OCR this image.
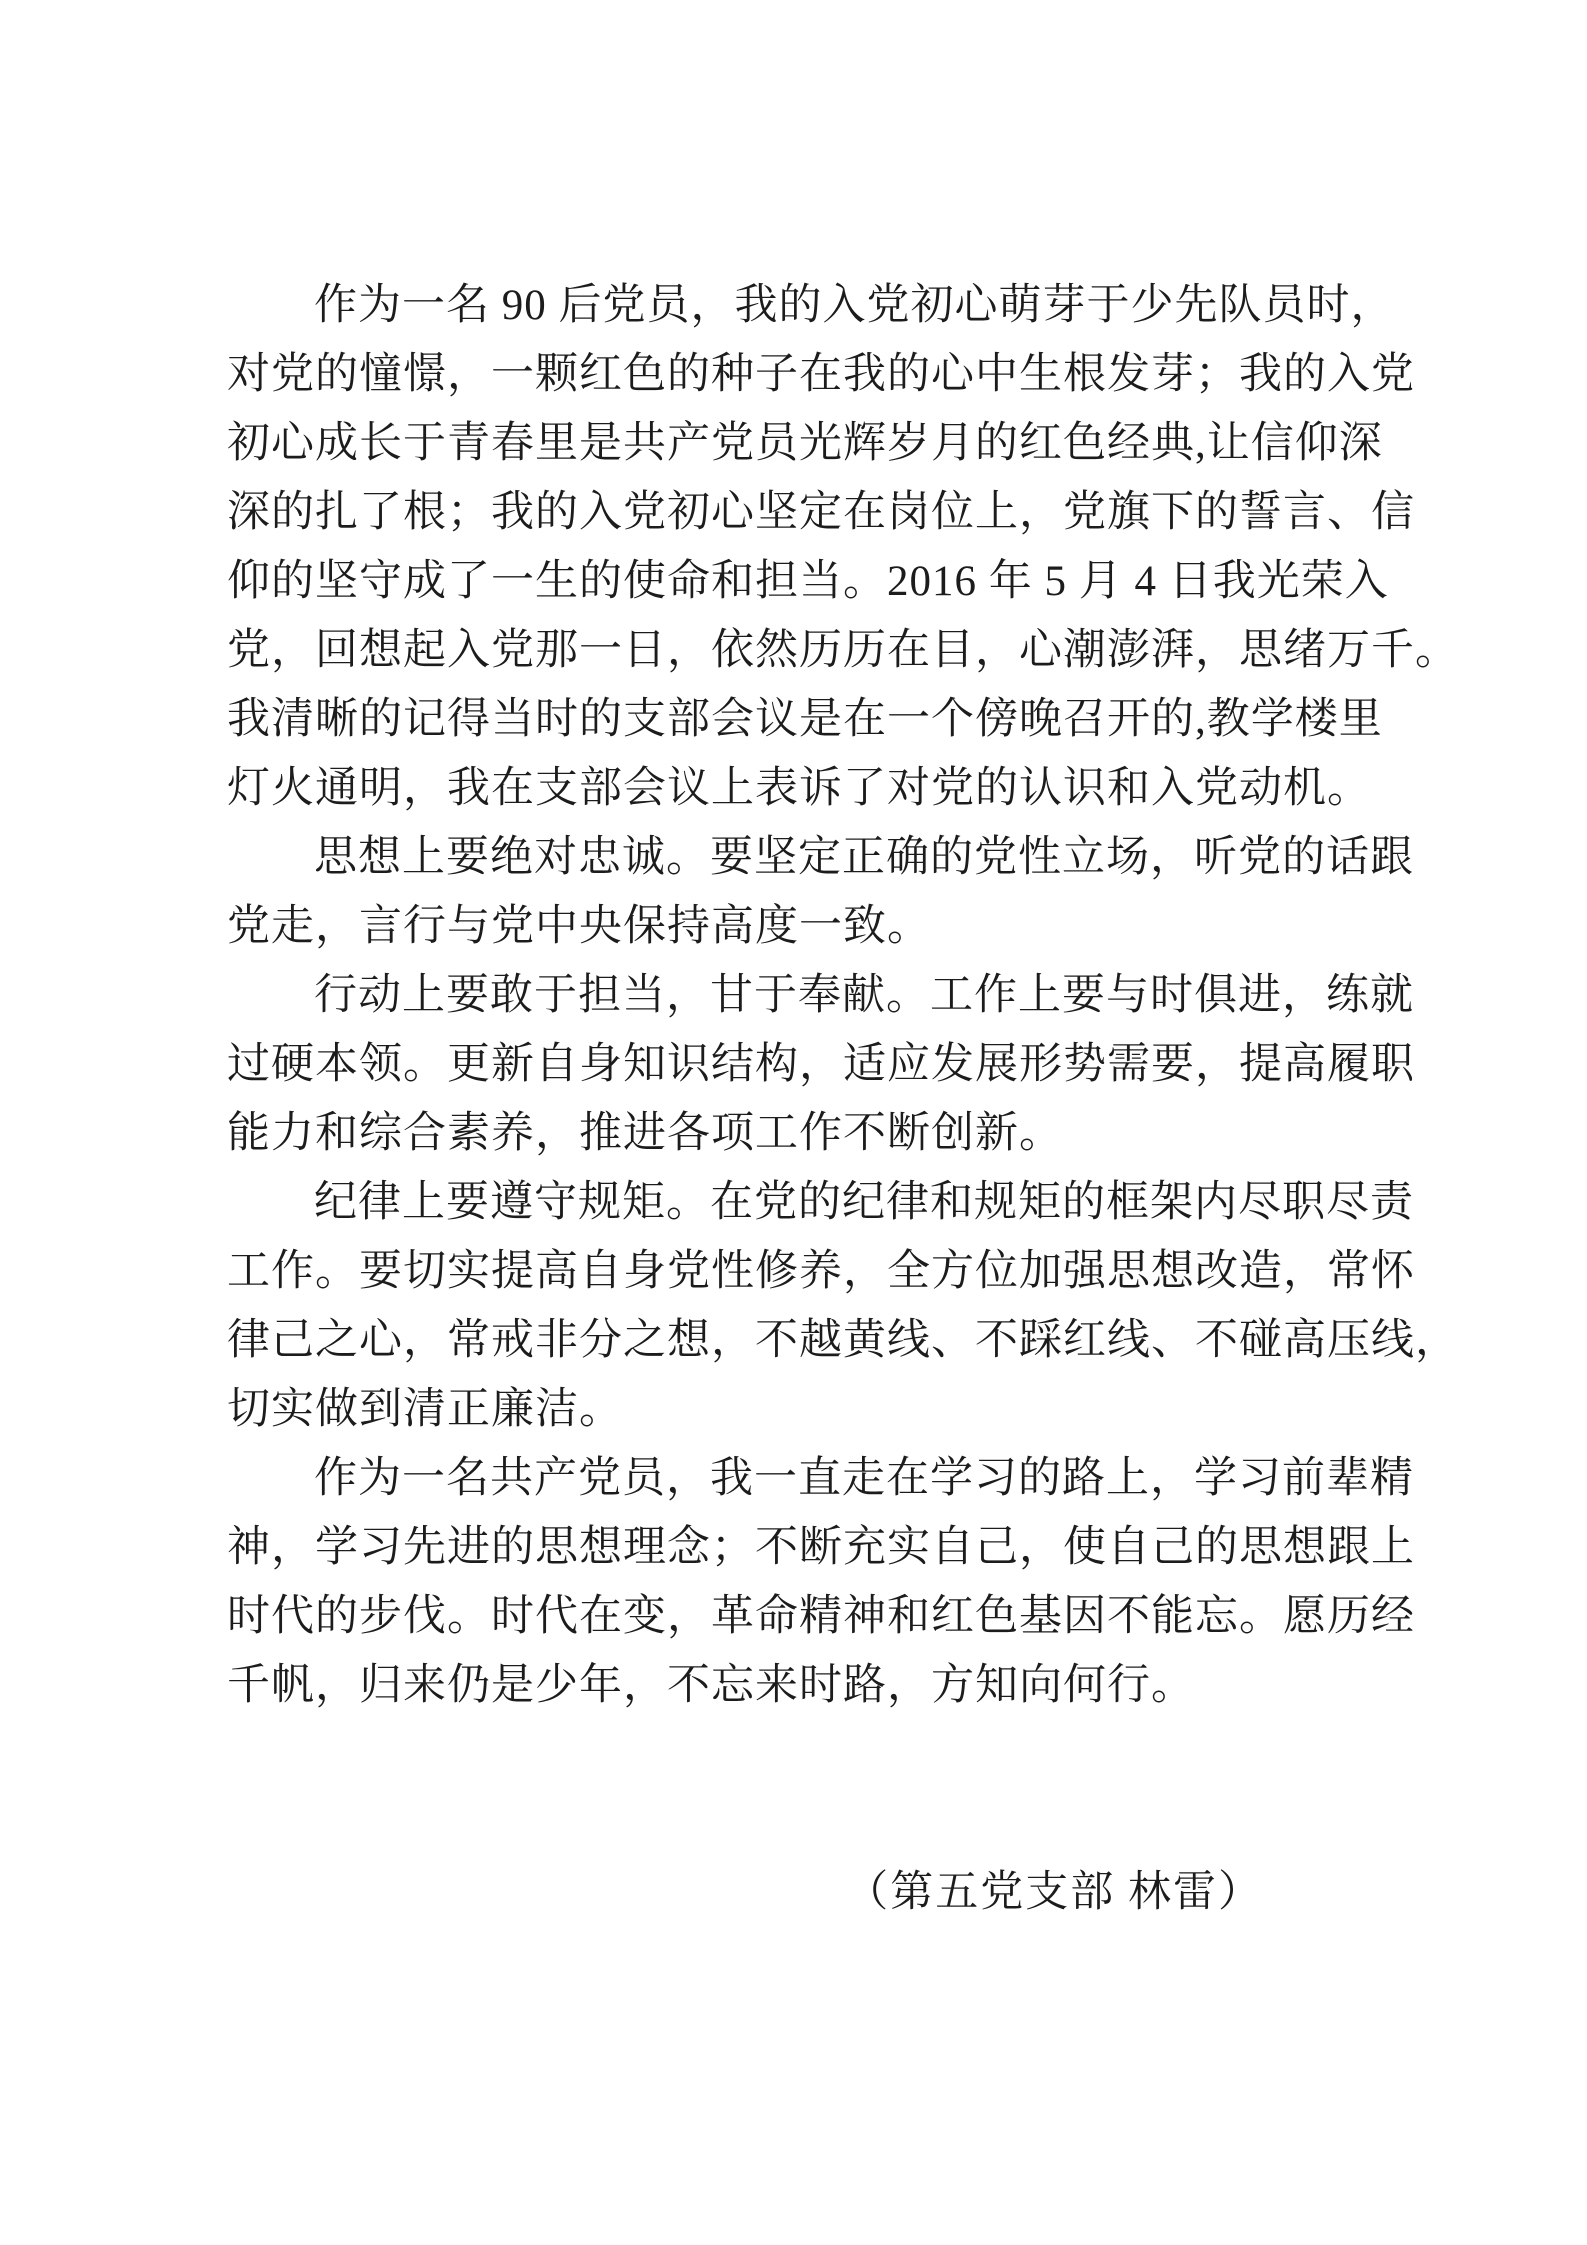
作为一名 90 后党员，我的入党初心萌芽于少先队员时，
对党的憧憬，一颗红色的种子在我的心中生根发芽；我的入党
初心成长于青春里是共产党员光辉岁月的红色经典,让信仰深
深的扎了根；我的入党初心坚定在岗位上，党旗下的誓言、信
仰的坚守成了一生的使命和担当。2016 年 5 月 4 日我光荣入
党，回想起入党那一日，依然历历在目，心潮澎湃，思绪万千。
我清晰的记得当时的支部会议是在一个傍晚召开的,教学楼里
灯火通明，我在支部会议上表诉了对党的认识和入党动机。
思想上要绝对忠诚。要坚定正确的党性立场，听党的话跟
党走，言行与党中央保持高度一致。
行动上要敢于担当，甘于奉献。工作上要与时俱进，练就
过硬本领。更新自身知识结构，适应发展形势需要，提高履职
能力和综合素养，推进各项工作不断创新。
纪律上要遵守规矩。在党的纪律和规矩的框架内尽职尽责
工作。要切实提高自身党性修养，全方位加强思想改造，常怀
律己之心，常戒非分之想，不越黄线、不踩红线、不碰高压线，
切实做到清正廉洁。
作为一名共产党员，我一直走在学习的路上，学习前辈精
神，学习先进的思想理念；不断充实自己，使自己的思想跟上
时代的步伐。时代在变，革命精神和红色基因不能忘。愿历经
千帆，归来仍是少年，不忘来时路，方知向何行。
（第五党支部 林雷）
